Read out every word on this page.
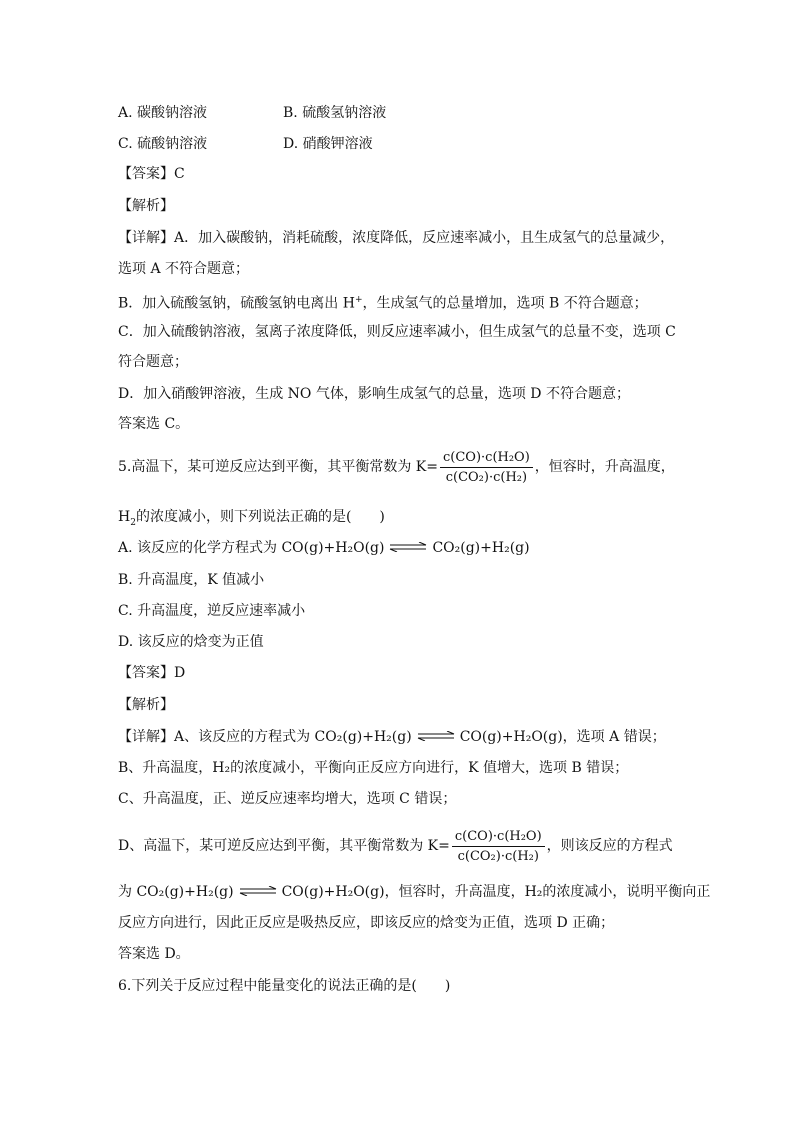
A. 碳酸钠溶液	B. 硫酸氢钠溶液
C. 硫酸钠溶液	D. 硝酸钾溶液
【答案】C
【解析】
【详解】A．加入碳酸钠，消耗硫酸，浓度降低，反应速率减小，且生成氢气的总量减少，
选项 A 不符合题意；
B．加入硫酸氢钠，硫酸氢钠电离出 H+，生成氢气的总量增加，选项 B 不符合题意；
C．加入硫酸钠溶液，氢离子浓度降低，则反应速率减小，但生成氢气的总量不变，选项 C
符合题意；
D．加入硝酸钾溶液，生成 NO 气体，影响生成氢气的总量，选项 D 不符合题意；
答案选 C。
5.高温下，某可逆反应达到平衡，其平衡常数为 $K= \frac{\text{c(CO)·c(H₂O)}}{\text{c(CO₂)·c(H₂)}}$ ，恒容时，升高温度，
$H_2$的浓度减小，则下列说法正确的是(　　)
A. 该反应的化学方程式为 CO(g)+H₂O(g) ⇌ CO₂(g)+H₂(g)
B. 升高温度，K 值减小
C. 升高温度，逆反应速率减小
D. 该反应的焓变为正值
【答案】D
【解析】
【详解】A、该反应的方程式为 CO₂(g)+H₂(g) ⇌ CO(g)+H₂O(g)，选项 A 错误；
B、升高温度，H₂的浓度减小，平衡向正反应方向进行，K 值增大，选项 B 错误；
C、升高温度，正、逆反应速率均增大，选项 C 错误；
D、高温下，某可逆反应达到平衡，其平衡常数为 $K= \frac{\text{c(CO)·c(H₂O)}}{\text{c(CO₂)·c(H₂)}}$ ，则该反应的方程式
为 CO₂(g)+H₂(g) ⇌ CO(g)+H₂O(g)，恒容时，升高温度，H₂的浓度减小，说明平衡向正
反应方向进行，因此正反应是吸热反应，即该反应的焓变为正值，选项 D 正确；
答案选 D。
6.下列关于反应过程中能量变化的说法正确的是(　　)
